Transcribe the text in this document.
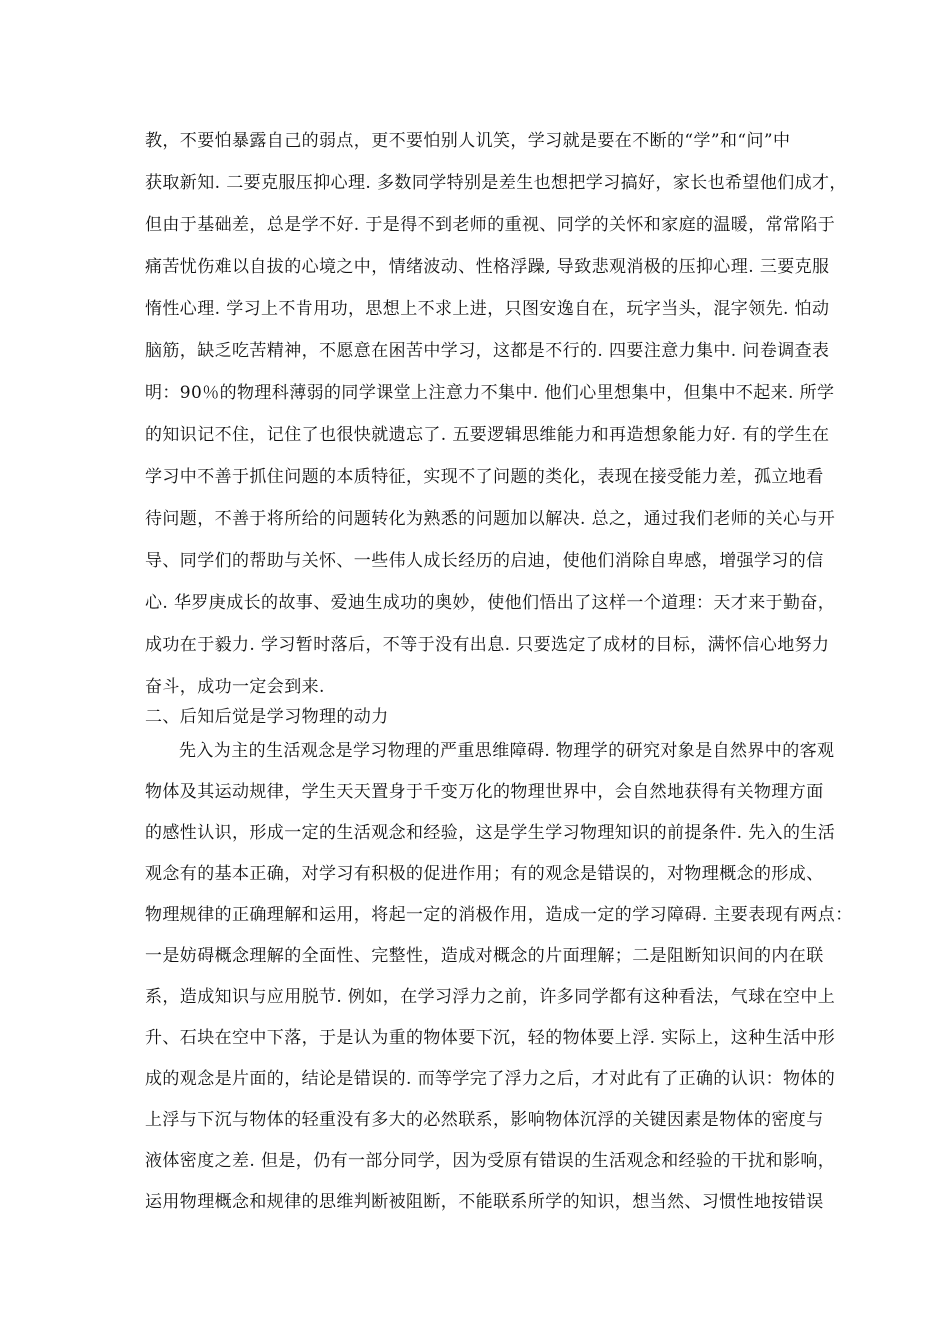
教，不要怕暴露自己的弱点，更不要怕别人讥笑，学习就是要在不断的“学”和“问”中
获取新知. 二要克服压抑心理. 多数同学特别是差生也想把学习搞好，家长也希望他们成才，
但由于基础差，总是学不好. 于是得不到老师的重视、同学的关怀和家庭的温暖，常常陷于
痛苦忧伤难以自拔的心境之中，情绪波动、性格浮躁, 导致悲观消极的压抑心理. 三要克服
惰性心理. 学习上不肯用功，思想上不求上进，只图安逸自在，玩字当头，混字领先. 怕动
脑筋，缺乏吃苦精神，不愿意在困苦中学习，这都是不行的. 四要注意力集中. 问卷调查表
明：90％的物理科薄弱的同学课堂上注意力不集中. 他们心里想集中，但集中不起来. 所学
的知识记不住，记住了也很快就遗忘了. 五要逻辑思维能力和再造想象能力好. 有的学生在
学习中不善于抓住问题的本质特征，实现不了问题的类化，表现在接受能力差，孤立地看
待问题，不善于将所给的问题转化为熟悉的问题加以解决. 总之，通过我们老师的关心与开
导、同学们的帮助与关怀、一些伟人成长经历的启迪，使他们消除自卑感，增强学习的信
心. 华罗庚成长的故事、爱迪生成功的奥妙，使他们悟出了这样一个道理：天才来于勤奋，
成功在于毅力. 学习暂时落后，不等于没有出息. 只要选定了成材的目标，满怀信心地努力
奋斗，成功一定会到来.
二、后知后觉是学习物理的动力
先入为主的生活观念是学习物理的严重思维障碍. 物理学的研究对象是自然界中的客观
物体及其运动规律，学生天天置身于千变万化的物理世界中，会自然地获得有关物理方面
的感性认识，形成一定的生活观念和经验，这是学生学习物理知识的前提条件. 先入的生活
观念有的基本正确，对学习有积极的促进作用；有的观念是错误的，对物理概念的形成、
物理规律的正确理解和运用，将起一定的消极作用，造成一定的学习障碍. 主要表现有两点：
一是妨碍概念理解的全面性、完整性，造成对概念的片面理解；二是阻断知识间的内在联
系，造成知识与应用脱节. 例如，在学习浮力之前，许多同学都有这种看法，气球在空中上
升、石块在空中下落，于是认为重的物体要下沉，轻的物体要上浮. 实际上，这种生活中形
成的观念是片面的，结论是错误的. 而等学完了浮力之后，才对此有了正确的认识：物体的
上浮与下沉与物体的轻重没有多大的必然联系，影响物体沉浮的关键因素是物体的密度与
液体密度之差. 但是，仍有一部分同学，因为受原有错误的生活观念和经验的干扰和影响，
运用物理概念和规律的思维判断被阻断，不能联系所学的知识，想当然、习惯性地按错误
